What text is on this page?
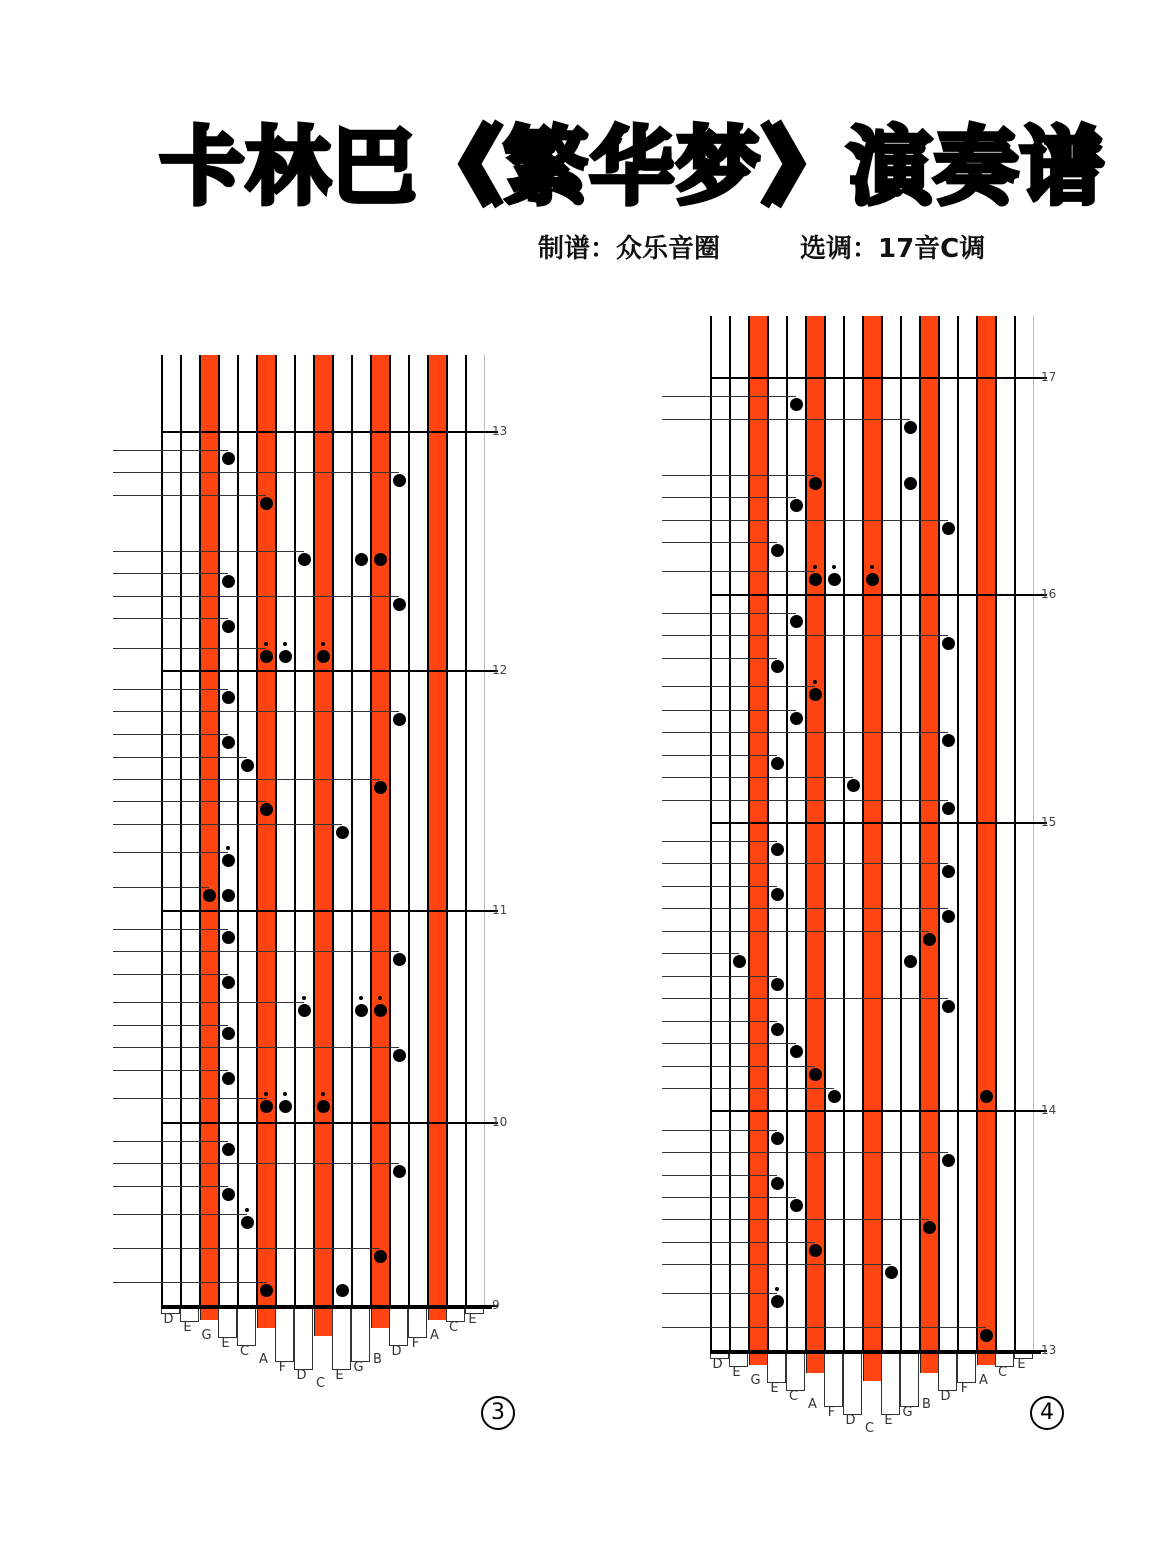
卡林巴《繁华梦》演奏谱
制谱：众乐音圈	选调：17音C调
D
E
G
E
C
A
F
D
C
E
G
B
D
F
A
C
E
13
12
11
10
9
D
E
G
E
C
A
F
D
C
E
G
B
D
F
A
C
E
17
16
15
14
13
3	4
